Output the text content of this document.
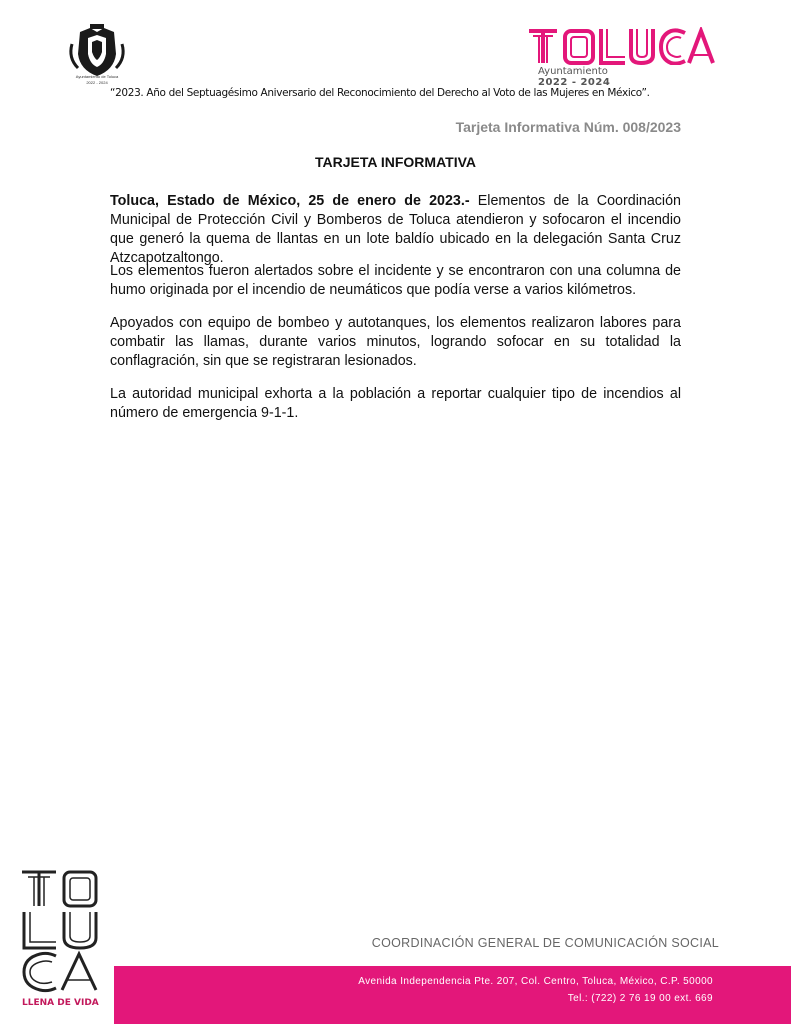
Ayuntamiento de Toluca
2022 - 2024
Ayuntamiento
2022 - 2024
“2023. Año del Septuagésimo Aniversario del Reconocimiento del Derecho al Voto de las Mujeres en México”.
Tarjeta Informativa Núm. 008/2023
TARJETA INFORMATIVA
Toluca, Estado de México, 25 de enero de 2023.- Elementos de la Coordinación Municipal de Protección Civil y Bomberos de Toluca atendieron y sofocaron el incendio que generó la quema de llantas en un lote baldío ubicado en la delegación Santa Cruz Atzcapotzaltongo.
Los elementos fueron alertados sobre el incidente y se encontraron con una columna de humo originada por el incendio de neumáticos que podía verse a varios kilómetros.
Apoyados con equipo de bombeo y autotanques, los elementos realizaron labores para combatir las llamas, durante varios minutos, logrando sofocar en su totalidad la conflagración, sin que se registraran lesionados.
La autoridad municipal exhorta a la población a reportar cualquier tipo de incendios al número de emergencia 9-1-1.
LLENA DE VIDA
COORDINACIÓN GENERAL DE COMUNICACIÓN SOCIAL
Avenida Independencia Pte. 207, Col. Centro, Toluca, México, C.P. 50000
Tel.: (722) 2 76 19 00 ext. 669
